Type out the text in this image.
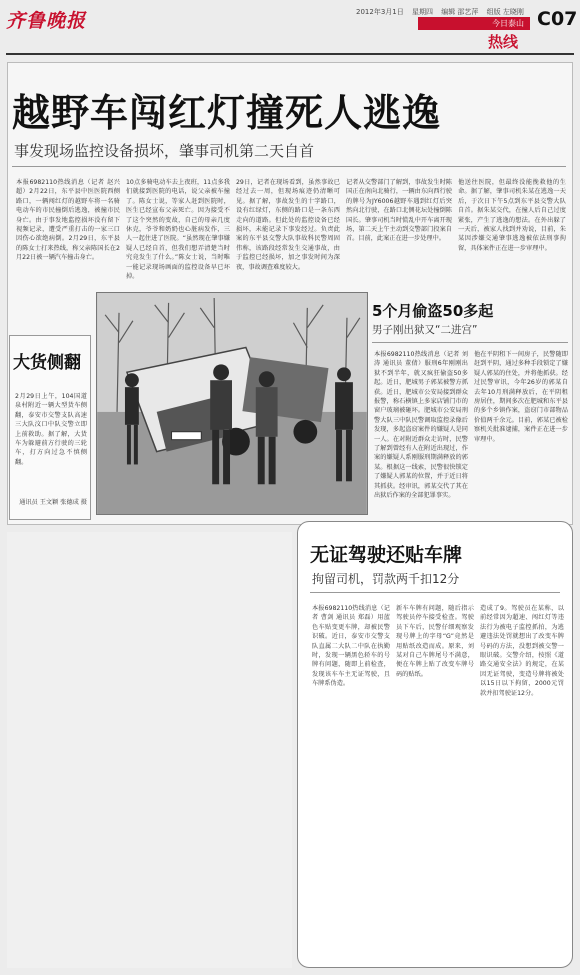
齐鲁晚报	2012年3月1日 星期四 编辑 邵艺萍 组版 左晓刚
今日泰山
热线
C07
越野车闯红灯撞死人逃逸
事发现场监控设备损坏，肇事司机第二天自首
本报6982110热线消息（记者 赵兴超）2月22日，东平县中医医院西侧路口，一辆闯红灯的越野车将一名骑电动车的市民撞倒后逃逸，被撞市民身亡。由于事发地监控损坏没有留下视频记录，遭受严重打击的一家三口因伤心欲绝病倒。2月29日，东平县的陈女士打来热线，称父亲陈国长在2月22日被一辆汽车撞击身亡。
10点多骑电动车去上夜班，11点多我们就接到医院的电话，说父亲被车撞了。陈女士说，等家人赶到医院时，医生已经宣布父亲死亡。因为接受不了这个突然的变故，自己的母亲几度休克，爷爷和奶奶也心脏病发作，三人一起住进了医院。“虽然现在肇事嫌疑人已经自首，但我们想弄清楚当时究竟发生了什么。”陈女士说，当时唯一能记录现场画面的监控设备早已坏掉。
29日，记者在现场看到，虽然事故已经过去一周，但现场痕迹仍清晰可见。据了解，事故发生的十字路口，设有红绿灯，东侧的路口是一条东西走向的道路。但此处的监控设备已经损坏，未能记录下事发经过。负责此案的东平县交警大队事故科民警周固伟称，该路段经常发生交通事故，由于监控已经损坏，加之事发时间为深夜，事故调查难度较大。
记者从交警部门了解到，事故发生时陈国正在南向北骑行，一辆由东向西行驶的牌号为JY6006越野车遇到红灯后突然向北行驶，在路口北侧花坛处撞倒陈国长。肇事司机当时慌乱中开车离开现场，第二天上午主动到交警部门投案自首。目前，此案正在进一步处理中。
他送往医院，但最终没能挽救他的生命。据了解，肇事司机朱某在逃逸一天后，于次日下午5点到东平县交警大队自首。据朱某交代，在撞人后自己过度紧张，产生了逃逸的想法。在外出躲了一天后，被家人找到并劝说，目前，朱某因涉嫌交通肇事逃逸被依法刑事拘留，具体案件正在进一步审理中。
大货侧翻
2月29日上午，104国道泉村附近一辆大型货车侧翻，泰安市交警支队高速三大队汶口中队交警立即上前救助。据了解，大货车为躲避前方行驶的三轮车，打方向过急不慎侧翻。
通讯员 王文颖 张德成 摄
5个月偷盗50多起
男子刚出狱又“二进宫”
本报6982110热线消息（记者 刘涛 通讯员 董倩）服刑6年刚刚出狱不到半年，就又疯狂偷盗50多起。近日，肥城男子郭某被警方抓获。近日，肥城市公安局接到群众报警，称石横镇上多家店铺门市的窗户玻璃被砸坏。肥城市公安局刑警大队三中队民警调取监控录像后发现，多起盗窃案件的嫌疑人是同一人。在对附近群众走访时，民警了解到曾经有人在附近出现过，作案的嫌疑人系刚服刑期满释放的郭某。根据这一线索，民警很快锁定了嫌疑人郭某的位置，并于近日将其抓获。经审讯，郭某交代了其在出狱后作案的全部犯罪事实。
他在平阴租下一间房子，民警随即赶到平阴，通过多种手段锁定了嫌疑人郭某的住处，并将他抓获。经过民警审讯，今年26岁的郭某自去年10月刑满释放后，在平阴租房居住，期间多次在肥城和东平县的多个乡镇作案，盗窃门市部物品价值两千余元。目前，郭某已被检察机关批准逮捕，案件正在进一步审理中。
无证驾驶还贴车牌
拘留司机，罚款两千扣12分
本报6982110热线消息（记者 曹剑 通讯员 郑磊）用蓝色车贴变更车牌，却被民警识破。近日，泰安市交警支队直属二大队二中队在执勤时，发现一辆黑色轿车的号牌有问题，随即上前检查，发现该车车主无证驾驶，且车牌系伪造。
新车车牌有问题，随后指示驾驶员停车接受检查。驾驶员下车后，民警仔细观察发现号牌上的字母“G”竟然是用贴纸改造而成。原来，刘某对自己车牌尾号不满意，便在车牌上贴了改变车牌号码的贴纸。
造成了9。驾驶员在某称，以前经常因为超速、闯红灯等违法行为被电子监控抓拍，为逃避违法处罚就想出了改变车牌号码的方法，没想到被交警一眼识破。交警介绍，按照《道路交通安全法》的规定，在某因无证驾驶，变造号牌将被处以15日以下拘留，2000元罚款并扣驾驶证12分。
